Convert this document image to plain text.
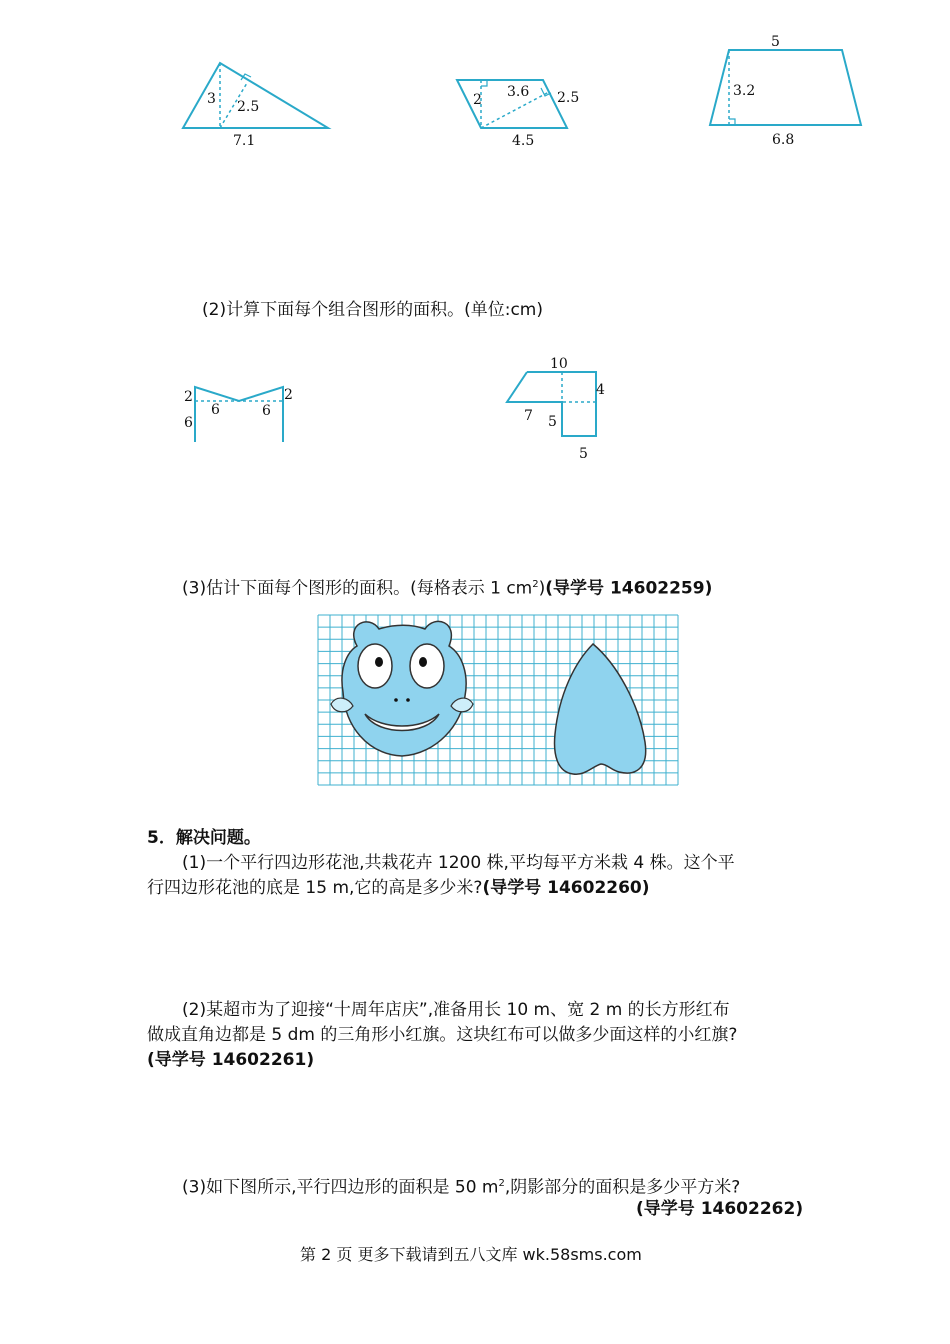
3 2.5
7.1
2 3.6 2.5
4.5
5
3.2
6.8
(2)计算下面每个组合图形的面积。(单位:cm)
2
6
6	6
2
10
4
7 5
5
(3)估计下面每个图形的面积。(每格表示 1 $cm^2$)(导学号 14602259)
5．解决问题。
(1)一个平行四边形花池,共栽花卉 1200 株,平均每平方米栽 4 株。这个平
行四边形花池的底是 15 m,它的高是多少米?(导学号 14602260)
(2)某超市为了迎接“十周年店庆”,准备用长 10 m、宽 2 m 的长方形红布
做成直角边都是 5 dm 的三角形小红旗。这块红布可以做多少面这样的小红旗?
(导学号 14602261)
(3)如下图所示,平行四边形的面积是 50 $m^2$,阴影部分的面积是多少平方米?
(导学号 14602262)
第 2 页 更多下载请到五八文库 wk.58sms.com
